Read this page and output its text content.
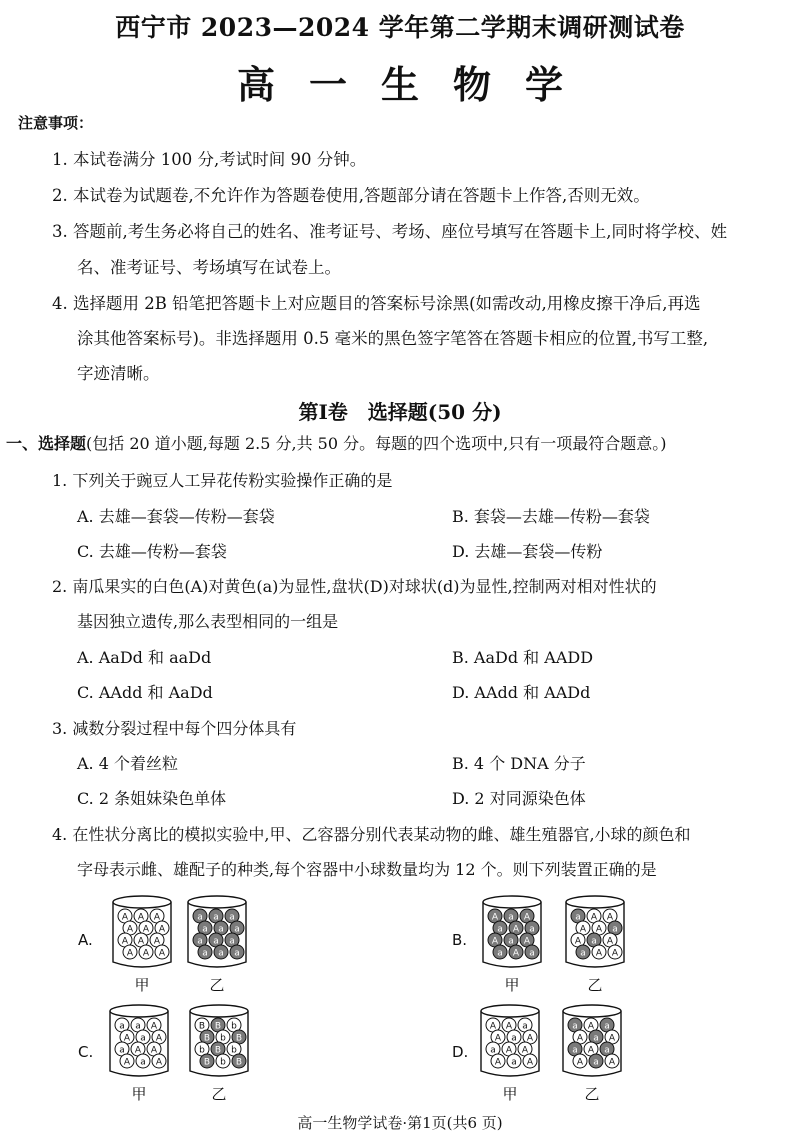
西宁市 2023—2024 学年第二学期末调研测试卷
高一生物学
注意事项：
1. 本试卷满分 100 分,考试时间 90 分钟。
2. 本试卷为试题卷,不允许作为答题卷使用,答题部分请在答题卡上作答,否则无效。
3. 答题前,考生务必将自己的姓名、准考证号、考场、座位号填写在答题卡上,同时将学校、姓
名、准考证号、考场填写在试卷上。
4. 选择题用 2B 铅笔把答题卡上对应题目的答案标号涂黑(如需改动,用橡皮擦干净后,再选
涂其他答案标号)。非选择题用 0.5 毫米的黑色签字笔答在答题卡相应的位置,书写工整,
字迹清晰。
第Ⅰ卷　选择题(50 分)
一、选择题(包括 20 道小题,每题 2.5 分,共 50 分。每题的四个选项中,只有一项最符合题意。)
1. 下列关于豌豆人工异花传粉实验操作正确的是
A. 去雄—套袋—传粉—套袋	B. 套袋—去雄—传粉—套袋
C. 去雄—传粉—套袋	D. 去雄—套袋—传粉
2. 南瓜果实的白色(A)对黄色(a)为显性,盘状(D)对球状(d)为显性,控制两对相对性状的
基因独立遗传,那么表型相同的一组是
A. AaDd 和 aaDd	B. AaDd 和 AADD
C. AAdd 和 AaDd	D. AAdd 和 AADd
3. 减数分裂过程中每个四分体具有
A. 4 个着丝粒	B. 4 个 DNA 分子
C. 2 条姐妹染色单体	D. 2 对同源染色体
4. 在性状分离比的模拟实验中,甲、乙容器分别代表某动物的雌、雄生殖器官,小球的颜色和
字母表示雌、雄配子的种类,每个容器中小球数量均为 12 个。则下列装置正确的是
A.
A A A
A A A
A A A
A A A
甲
a a a
a a a
a a a
a a a
乙
B.
A a A
a A a
A a A
a A a
甲
a A A
A A a
A a A
a A A
乙
C.
a a A
A a A
a A A
A a A
甲
B B b
B b B
b B b
B b B
乙
D.
A A a
A a A
a A A
A a A
甲
a A a
A a A
a A a
A a A
乙
高一生物学试卷·第1页(共6 页)
